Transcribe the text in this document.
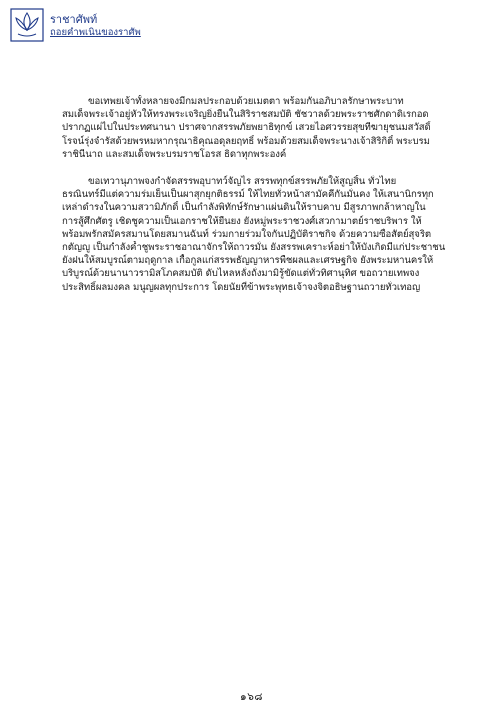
ราชาศัพท์
ถอยคำพเนินของราศัพ

ขอเทพยเจ้าทั้งหลายจงมีกมลประกอบด้วยเมตตา พร้อมกันอภิบาลรักษาพระบาท
สมเด็จพระเจ้าอยู่หัวให้ทรงพระเจริญยิ่งยืนในสิริราชสมบัติ ชัชวาลด้วยพระราชศักดาดิเรกอด
ปรากฏแผ่ไปในประทศนานา ปราศจากสรรพภัยพยาธิทุกข์ เสวยไอศวรรยสุขทีฆายุชนมสวัสดิ์
โรจน์รุ่งจำรัสด้วยพรหมหากรุณาธิคุณอดุลยฤทธิ์ พร้อมด้วยสมเด็จพระนางเจ้าสิริกิติ์ พระบรม
ราชินีนาถ และสมเด็จพระบรมราชโอรส ธิดาทุกพระองค์

ขอเทวานุภาพจงกำจัดสรรพอุบาทว์จัญไร สรรพทุกข์สรรพภัยให้สูญสิ้น ทั่วไทย
ธรณินทร์มีแต่ความร่มเย็นเป็นผาสุกยุกติธรรม์ ให้ไทยทั่วหน้าสามัคคีกันมั่นคง ให้เสนานิกรทุก
เหล่าดำรงในความสวามิภักดิ์ เป็นกำลังพิทักษ์รักษาแผ่นดินให้ราบคาบ มีสูรภาพกล้าหาญใน
การสู้ศึกศัตรู เชิดชูความเป็นเอกราชให้ยืนยง ยังหมู่พระราชวงศ์เสวกามาตย์ราชบริพาร ให้
พร้อมพรักสมัครสมานโดยสมานฉันท์ ร่วมกายร่วมใจกันปฏิบัติราชกิจ ด้วยความซื่อสัตย์สุจริต
กตัญญู เป็นกำลังค้ำชูพระราชอาณาจักรให้ถาวรมั่น ยังสรรพเคราะห์อย่าให้บังเกิดมีแก่ประชาชน
ยังฝนให้สมบูรณ์ตามฤดูกาล เกื้อกูลแก่สรรพธัญญาหารพืชผลและเศรษฐกิจ ยังพระมหานครให้
บริบูรณ์ด้วยนานาวรามิสโภคสมบัติ ดับไหลหลั่งถั่งมามิรู้ขัดแต่ทั่วทิศานุทิศ ขอถวายเทพจง
ประสิทธิ์ผลมงคล มนูญผลทุกประการ โดยนัยที่ข้าพระพุทธเจ้าจงจิตอธิษฐานถวายทั่วเทอญ

๑๖๘
